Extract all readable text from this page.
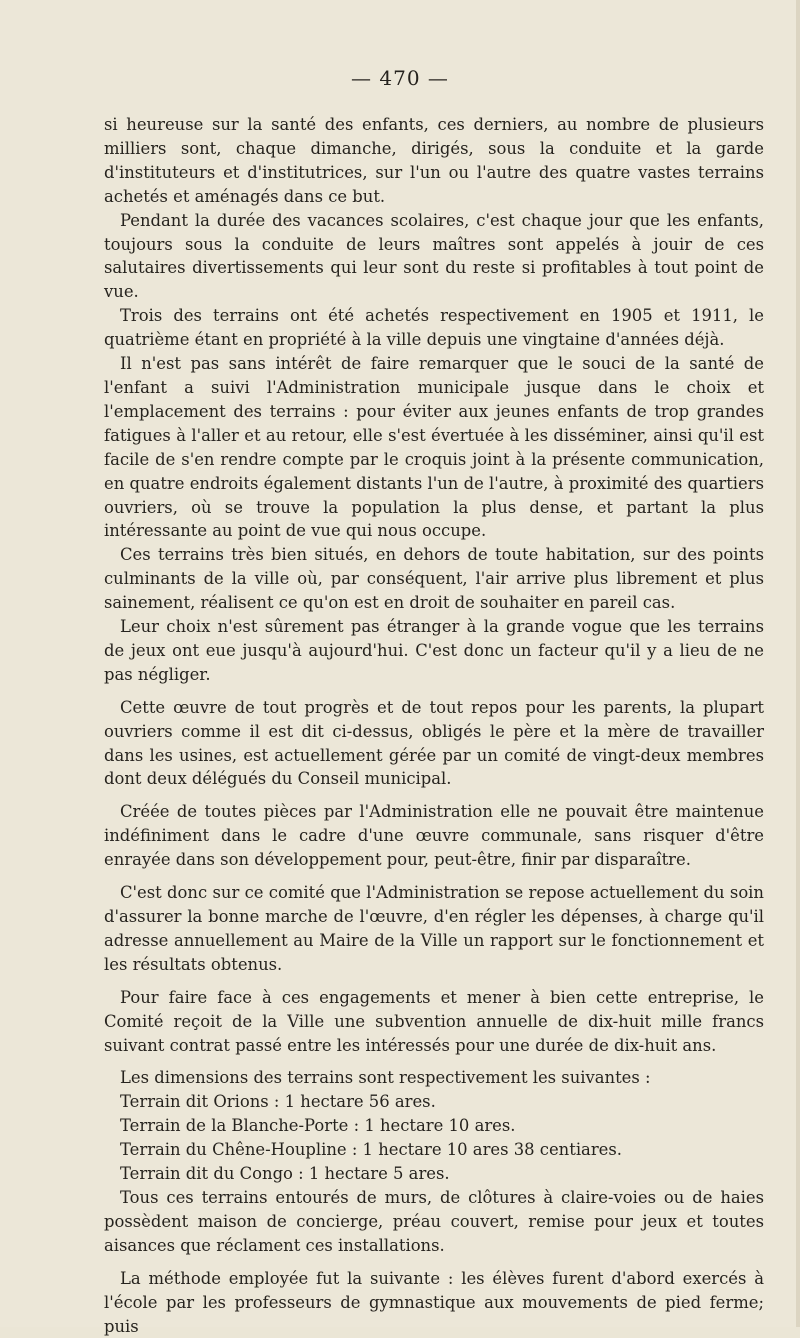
— 470 —

si heureuse sur la santé des enfants, ces derniers, au nombre de plusieurs milliers sont, chaque dimanche, dirigés, sous la conduite et la garde d'instituteurs et d'institutrices, sur l'un ou l'autre des quatre vastes terrains achetés et aménagés dans ce but.

Pendant la durée des vacances scolaires, c'est chaque jour que les enfants, toujours sous la conduite de leurs maîtres sont appelés à jouir de ces salutaires divertissements qui leur sont du reste si profitables à tout point de vue.

Trois des terrains ont été achetés respectivement en 1905 et 1911, le quatrième étant en propriété à la ville depuis une vingtaine d'années déjà.

Il n'est pas sans intérêt de faire remarquer que le souci de la santé de l'enfant a suivi l'Administration municipale jusque dans le choix et l'emplacement des terrains : pour éviter aux jeunes enfants de trop grandes fatigues à l'aller et au retour, elle s'est évertuée à les disséminer, ainsi qu'il est facile de s'en rendre compte par le croquis joint à la présente communication, en quatre endroits également distants l'un de l'autre, à proximité des quartiers ouvriers, où se trouve la population la plus dense, et partant la plus intéressante au point de vue qui nous occupe.

Ces terrains très bien situés, en dehors de toute habitation, sur des points culminants de la ville où, par conséquent, l'air arrive plus librement et plus sainement, réalisent ce qu'on est en droit de souhaiter en pareil cas.

Leur choix n'est sûrement pas étranger à la grande vogue que les terrains de jeux ont eue jusqu'à aujourd'hui. C'est donc un facteur qu'il y a lieu de ne pas négliger.

Cette œuvre de tout progrès et de tout repos pour les parents, la plupart ouvriers comme il est dit ci-dessus, obligés le père et la mère de travailler dans les usines, est actuellement gérée par un comité de vingt-deux membres dont deux délégués du Conseil municipal.

Créée de toutes pièces par l'Administration elle ne pouvait être maintenue indéfiniment dans le cadre d'une œuvre communale, sans risquer d'être enrayée dans son développement pour, peut-être, finir par disparaître.

C'est donc sur ce comité que l'Administration se repose actuellement du soin d'assurer la bonne marche de l'œuvre, d'en régler les dépenses, à charge qu'il adresse annuellement au Maire de la Ville un rapport sur le fonctionnement et les résultats obtenus.

Pour faire face à ces engagements et mener à bien cette entreprise, le Comité reçoit de la Ville une subvention annuelle de dix-huit mille francs suivant contrat passé entre les intéressés pour une durée de dix-huit ans.

Les dimensions des terrains sont respectivement les suivantes :

Terrain dit Orions : 1 hectare 56 ares.

Terrain de la Blanche-Porte : 1 hectare 10 ares.

Terrain du Chêne-Houpline : 1 hectare 10 ares 38 centiares.

Terrain dit du Congo : 1 hectare 5 ares.

Tous ces terrains entourés de murs, de clôtures à claire-voies ou de haies possèdent maison de concierge, préau couvert, remise pour jeux et toutes aisances que réclament ces installations.

La méthode employée fut la suivante : les élèves furent d'abord exercés à l'école par les professeurs de gymnastique aux mouvements de pied ferme; puis
